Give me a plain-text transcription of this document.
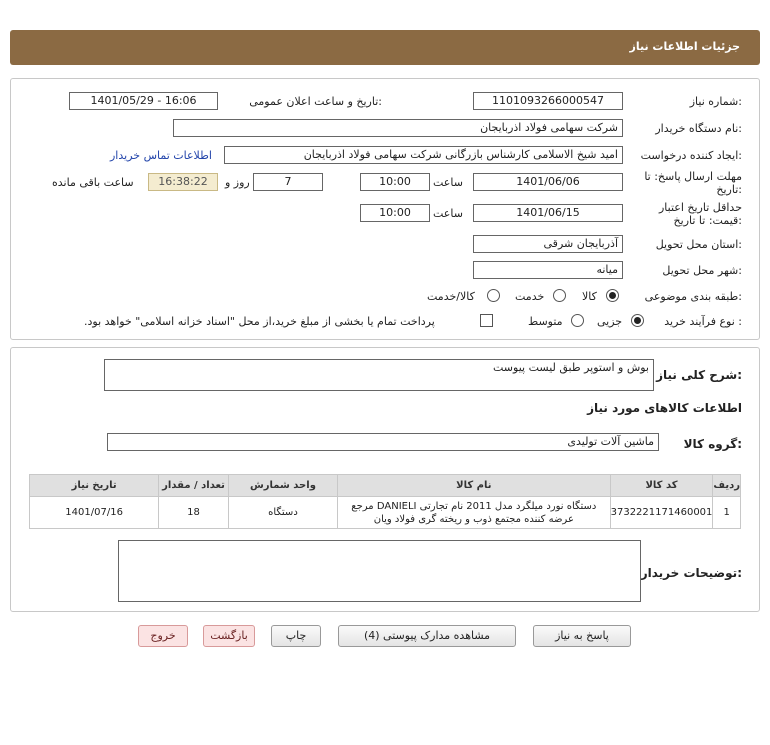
جزئیات اطلاعات نیاز
شماره نیاز:
1101093266000547
تاریخ و ساعت اعلان عمومی:
1401/05/29 - 16:06
نام دستگاه خریدار:
شرکت سهامی فولاد اذربایجان
ایجاد کننده درخواست:
امید شیخ الاسلامی کارشناس بازرگانی شرکت سهامی فولاد اذربایجان
اطلاعات تماس خریدار
مهلت ارسال پاسخ: تا
تاریخ:
1401/06/06
ساعت
10:00
7
روز و
16:38:22
ساعت باقی مانده
حداقل تاریخ اعتبار
قیمت: تا تاریخ:
1401/06/15
ساعت
10:00
استان محل تحویل:
آذربایجان شرقی
شهر محل تحویل:
میانه
طبقه بندی موضوعی:
کالا
خدمت
کالا/خدمت
نوع فرآیند خرید :
جزیی
متوسط
پرداخت تمام یا بخشی از مبلغ خرید،از محل "اسناد خزانه اسلامی" خواهد بود.
شرح کلی نیاز:
بوش و استوپر طبق لیست پیوست
اطلاعات کالاهای مورد نیاز
گروه کالا:
ماشین آلات تولیدی
تاریخ نیاز	تعداد / مقدار	واحد شمارش	نام کالا	کد کالا	ردیف
1401/07/16	18	دستگاه	دستگاه نورد میلگرد مدل 2011 نام تجارتی DANIELI مرجع
عرضه کننده مجتمع ذوب و ریخته گری فولاد ویان	3732221171460001	1
توضیحات خریدار:
پاسخ به نیاز
مشاهده مدارک پیوستی (4)
چاپ
بازگشت
خروج
